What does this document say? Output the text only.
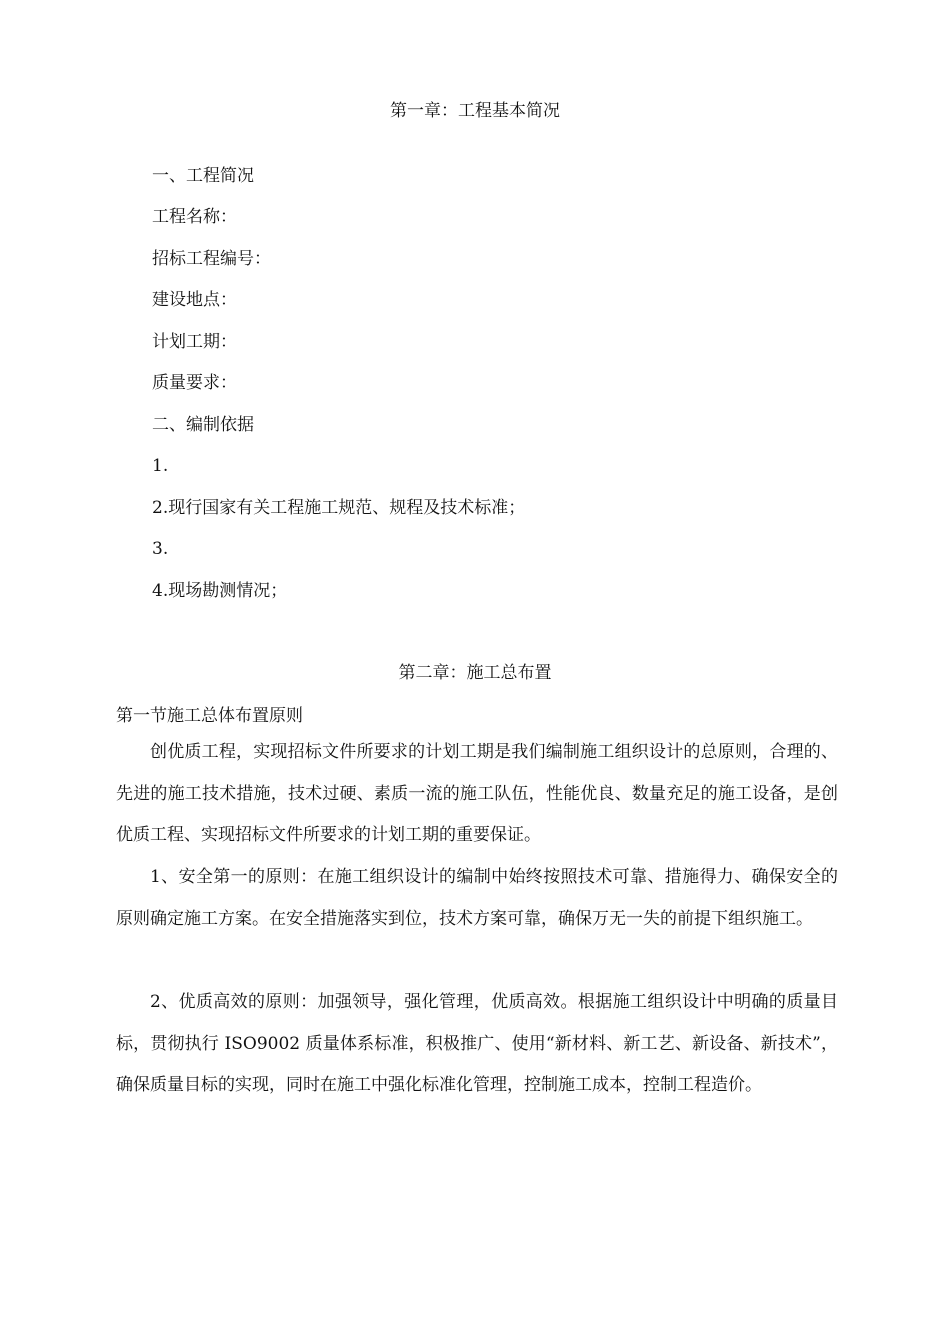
第一章：工程基本简况
一、工程简况
工程名称：
招标工程编号：
建设地点：
计划工期：
质量要求：
二、编制依据
1.
2.现行国家有关工程施工规范、规程及技术标准；
3.
4.现场勘测情况；
第二章：施工总布置
第一节施工总体布置原则
创优质工程，实现招标文件所要求的计划工期是我们编制施工组织设计的总原则，合理的、先进的施工技术措施，技术过硬、素质一流的施工队伍，性能优良、数量充足的施工设备，是创优质工程、实现招标文件所要求的计划工期的重要保证。
1、安全第一的原则：在施工组织设计的编制中始终按照技术可靠、措施得力、确保安全的原则确定施工方案。在安全措施落实到位，技术方案可靠，确保万无一失的前提下组织施工。
2、优质高效的原则：加强领导，强化管理，优质高效。根据施工组织设计中明确的质量目标，贯彻执行 ISO9002 质量体系标准，积极推广、使用“新材料、新工艺、新设备、新技术”，确保质量目标的实现，同时在施工中强化标准化管理，控制施工成本，控制工程造价。
